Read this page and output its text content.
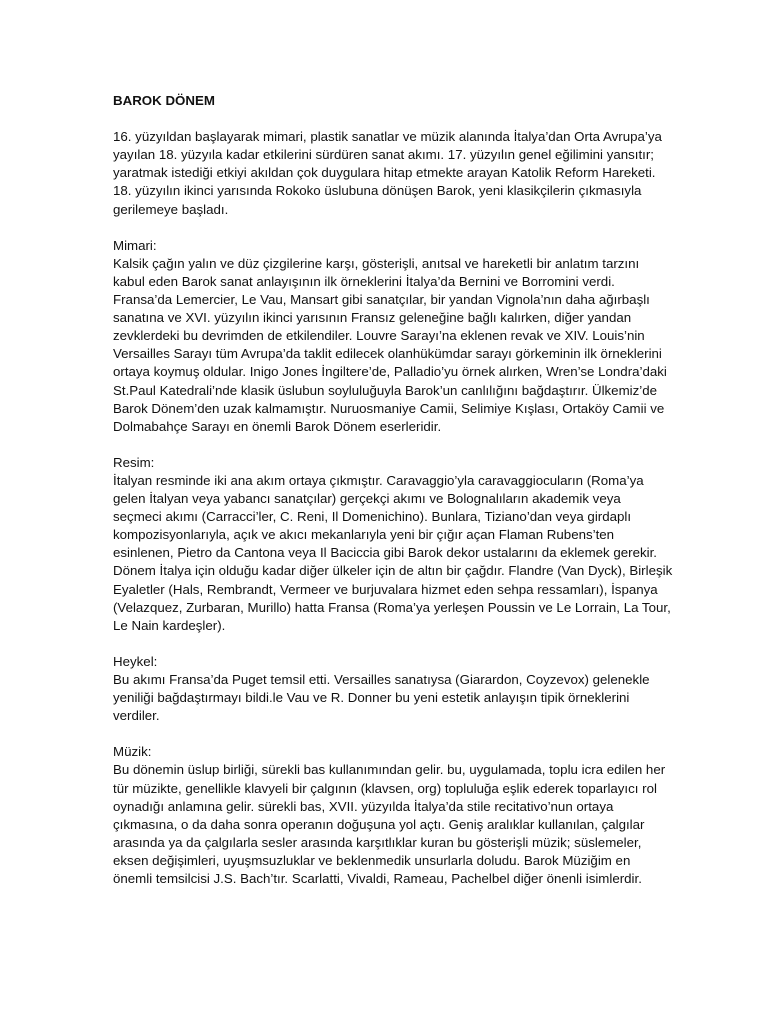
BAROK DÖNEM
16. yüzyıldan başlayarak mimari, plastik sanatlar ve müzik alanında İtalya’dan Orta Avrupa’ya yayılan 18. yüzyıla kadar etkilerini sürdüren sanat akımı. 17. yüzyılın genel eğilimini yansıtır; yaratmak istediği etkiyi akıldan çok duygulara hitap etmekte arayan Katolik Reform Hareketi. 18. yüzyılın ikinci yarısında Rokoko üslubuna dönüşen Barok, yeni klasikçilerin çıkmasıyla gerilemeye başladı.
Mimari:
Kalsik çağın yalın ve düz çizgilerine karşı, gösterişli, anıtsal ve hareketli bir anlatım tarzını kabul eden Barok sanat anlayışının ilk örneklerini İtalya’da Bernini ve Borromini verdi. Fransa’da Lemercier, Le Vau, Mansart gibi sanatçılar, bir yandan Vignola’nın daha ağırbaşlı sanatına ve XVI. yüzyılın ikinci yarısının Fransız geleneğine bağlı kalırken, diğer yandan zevklerdeki bu devrimden de etkilendiler. Louvre Sarayı’na eklenen revak ve XIV. Louis’nin Versailles Sarayı tüm Avrupa’da taklit edilecek olanhükümdar sarayı görkeminin ilk örneklerini ortaya koymuş oldular. Inigo Jones İngiltere’de, Palladio’yu örnek alırken, Wren’se Londra’daki St.Paul Katedrali’nde klasik üslubun soyluluğuyla Barok’un canlılığını bağdaştırır. Ülkemiz’de Barok Dönem’den uzak kalmamıştır. Nuruosmaniye Camii, Selimiye Kışlası, Ortaköy Camii ve Dolmabahçe Sarayı en önemli Barok Dönem eserleridir.
Resim:
İtalyan resminde iki ana akım ortaya çıkmıştır. Caravaggio’yla caravaggiocuların (Roma’ya gelen İtalyan veya yabancı sanatçılar) gerçekçi akımı ve Bolognalıların akademik veya seçmeci akımı (Carracci’ler, C. Reni, Il Domenichino). Bunlara, Tiziano’dan veya girdaplı kompozisyonlarıyla, açık ve akıcı mekanlarıyla yeni bir çığır açan Flaman Rubens’ten esinlenen, Pietro da Cantona veya Il Baciccia gibi Barok dekor ustalarını da eklemek gerekir. Dönem İtalya için olduğu kadar diğer ülkeler için de altın bir çağdır. Flandre (Van Dyck), Birleşik Eyaletler (Hals, Rembrandt, Vermeer ve burjuvalara hizmet eden sehpa ressamları), İspanya (Velazquez, Zurbaran, Murillo) hatta Fransa (Roma’ya yerleşen Poussin ve Le Lorrain, La Tour, Le Nain kardeşler).
Heykel:
Bu akımı Fransa’da Puget temsil etti. Versailles sanatıysa (Giarardon, Coyzevox) gelenekle yeniliği bağdaştırmayı bildi.le Vau ve R. Donner bu yeni estetik anlayışın tipik örneklerini verdiler.
Müzik:
Bu dönemin üslup birliği, sürekli bas kullanımından gelir. bu, uygulamada, toplu icra edilen her tür müzikte, genellikle klavyeli bir çalgının (klavsen, org) topluluğa eşlik ederek toparlayıcı rol oynadığı anlamına gelir. sürekli bas, XVII. yüzyılda İtalya’da stile recitativo’nun ortaya çıkmasına, o da daha sonra operanın doğuşuna yol açtı. Geniş aralıklar kullanılan, çalgılar arasında ya da çalgılarla sesler arasında karşıtlıklar kuran bu gösterişli müzik; süslemeler, eksen değişimleri, uyuşmsuzluklar ve beklenmedik unsurlarla doludu. Barok Müziğim en önemli temsilcisi J.S. Bach’tır. Scarlatti, Vivaldi, Rameau, Pachelbel diğer önenli isimlerdir.
